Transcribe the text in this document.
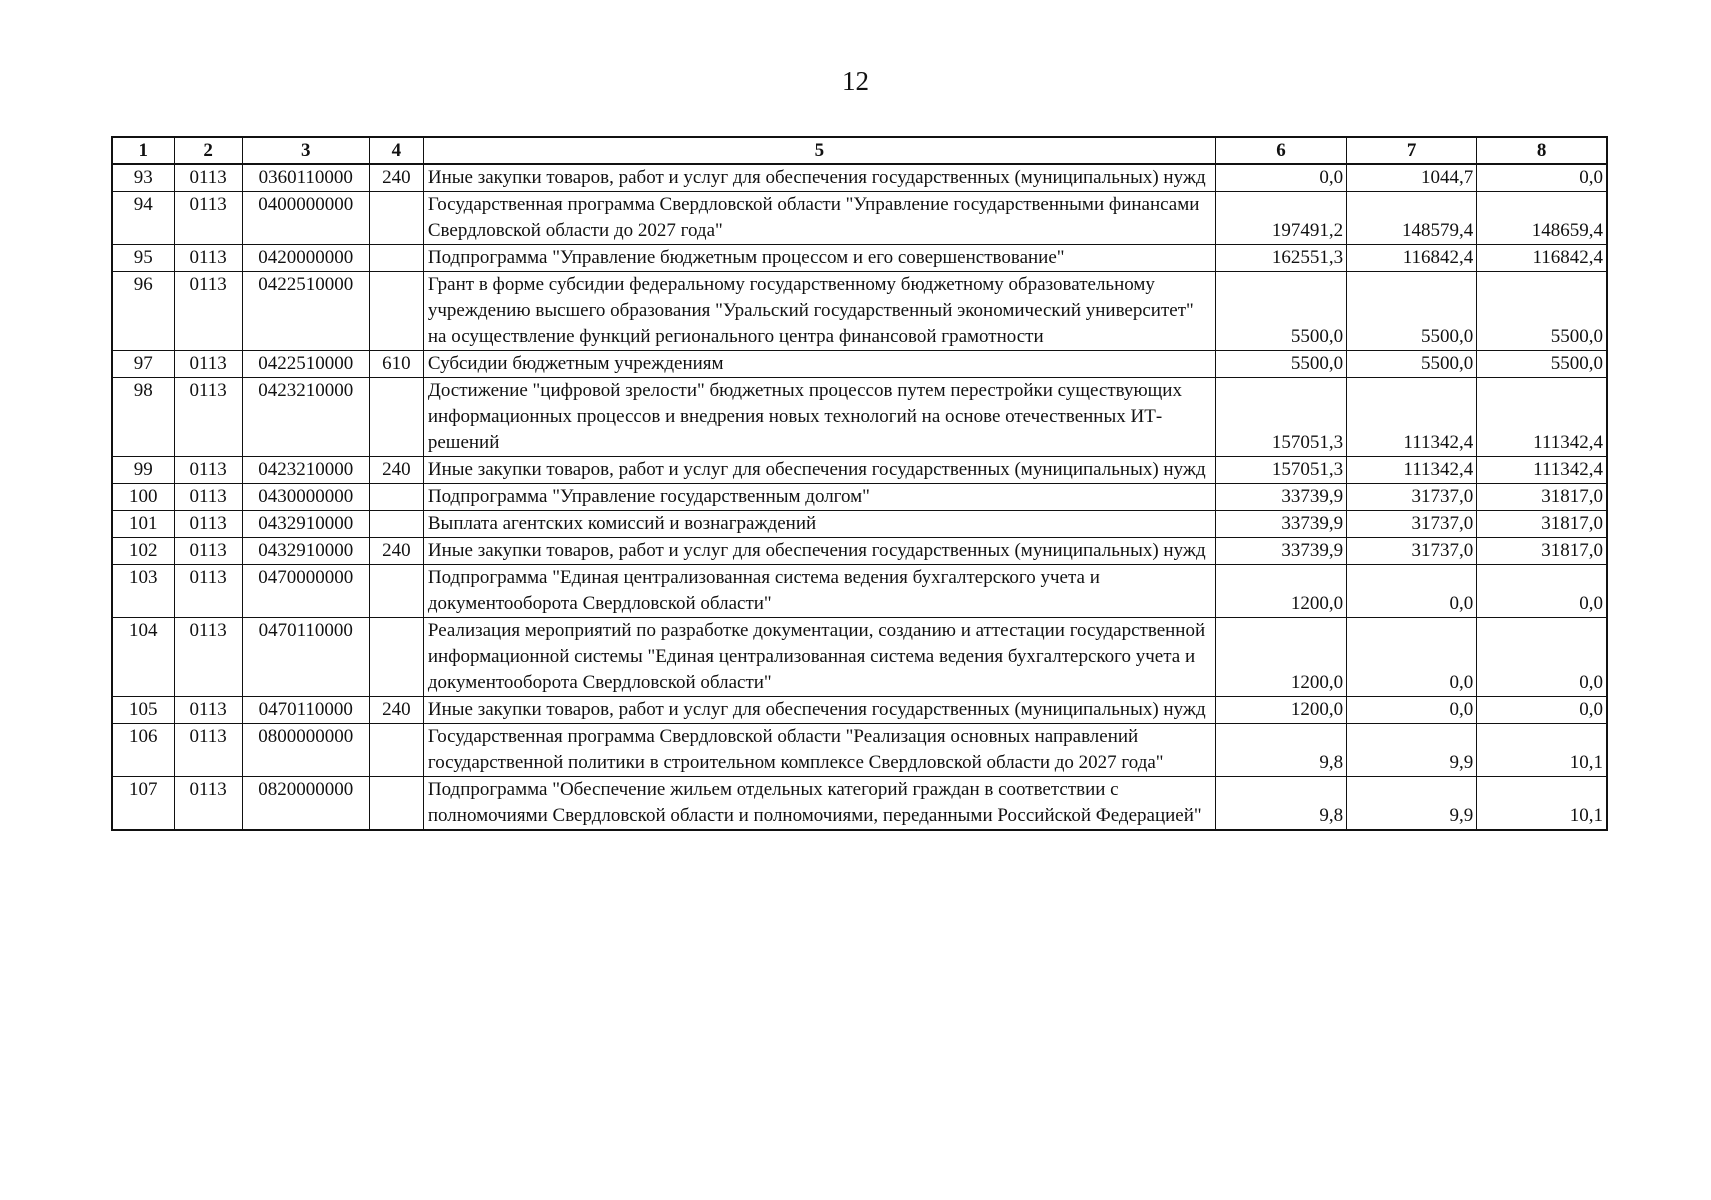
12
1	2	3	4	5	6	7	8
93	0113	0360110000	240	Иные закупки товаров, работ и услуг для обеспечения государственных (муниципальных) нужд	0,0	1044,7	0,0
94	0113	0400000000		Государственная программа Свердловской области "Управление государственными финансами Свердловской области до 2027 года"	197491,2	148579,4	148659,4
95	0113	0420000000		Подпрограмма "Управление бюджетным процессом и его совершенствование"	162551,3	116842,4	116842,4
96	0113	0422510000		Грант в форме субсидии федеральному государственному бюджетному образовательному учреждению высшего образования "Уральский государственный экономический университет" на осуществление функций регионального центра финансовой грамотности	5500,0	5500,0	5500,0
97	0113	0422510000	610	Субсидии бюджетным учреждениям	5500,0	5500,0	5500,0
98	0113	0423210000		Достижение "цифровой зрелости" бюджетных процессов путем перестройки существующих информационных процессов и внедрения новых технологий на основе отечественных ИТ-решений	157051,3	111342,4	111342,4
99	0113	0423210000	240	Иные закупки товаров, работ и услуг для обеспечения государственных (муниципальных) нужд	157051,3	111342,4	111342,4
100	0113	0430000000		Подпрограмма "Управление государственным долгом"	33739,9	31737,0	31817,0
101	0113	0432910000		Выплата агентских комиссий и вознаграждений	33739,9	31737,0	31817,0
102	0113	0432910000	240	Иные закупки товаров, работ и услуг для обеспечения государственных (муниципальных) нужд	33739,9	31737,0	31817,0
103	0113	0470000000		Подпрограмма "Единая централизованная система ведения бухгалтерского учета и документооборота Свердловской области"	1200,0	0,0	0,0
104	0113	0470110000		Реализация мероприятий по разработке документации, созданию и аттестации государственной информационной системы "Единая централизованная система ведения бухгалтерского учета и документооборота Свердловской области"	1200,0	0,0	0,0
105	0113	0470110000	240	Иные закупки товаров, работ и услуг для обеспечения государственных (муниципальных) нужд	1200,0	0,0	0,0
106	0113	0800000000		Государственная программа Свердловской области "Реализация основных направлений государственной политики в строительном комплексе Свердловской области до 2027 года"	9,8	9,9	10,1
107	0113	0820000000		Подпрограмма "Обеспечение жильем отдельных категорий граждан в соответствии с полномочиями Свердловской области и полномочиями, переданными Российской Федерацией"	9,8	9,9	10,1
